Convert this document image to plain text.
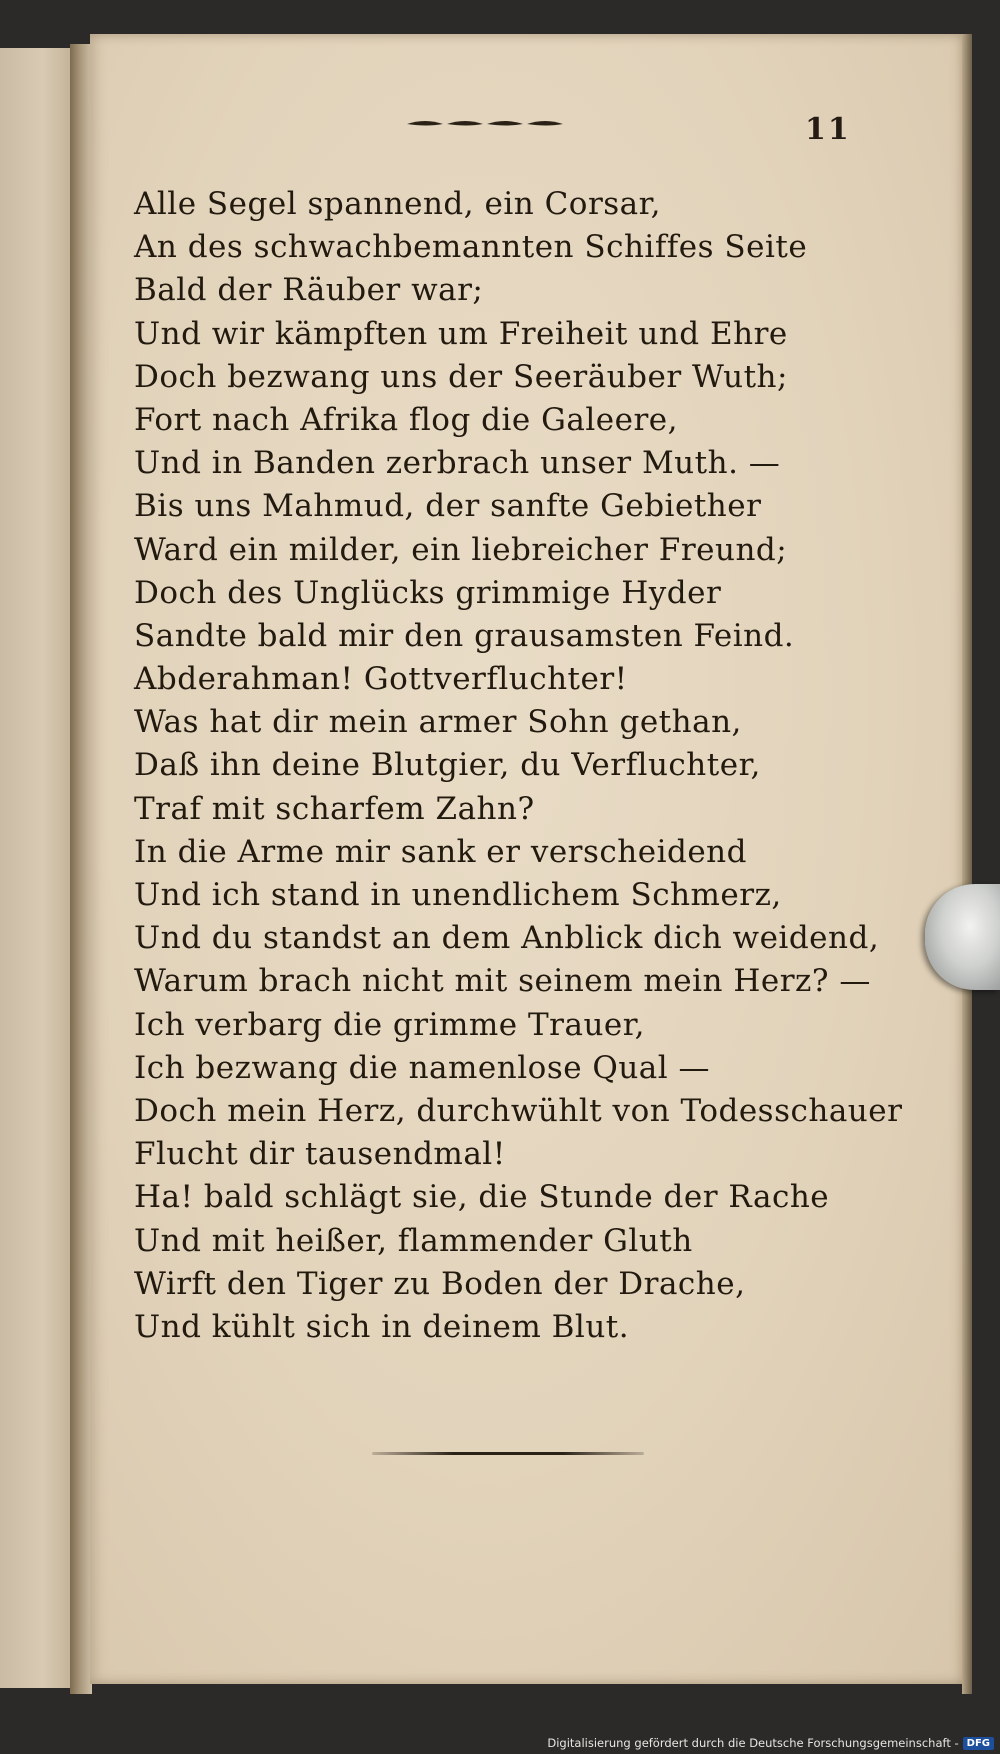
11
Alle Segel spannend, ein Corsar,
An des schwachbemannten Schiffes Seite
Bald der Räuber war;
Und wir kämpften um Freiheit und Ehre
Doch bezwang uns der Seeräuber Wuth;
Fort nach Afrika flog die Galeere,
Und in Banden zerbrach unser Muth. —
Bis uns Mahmud, der sanfte Gebiether
Ward ein milder, ein liebreicher Freund;
Doch des Unglücks grimmige Hyder
Sandte bald mir den grausamsten Feind.
Abderahman! Gottverfluchter!
Was hat dir mein armer Sohn gethan,
Daß ihn deine Blutgier, du Verfluchter,
Traf mit scharfem Zahn?
In die Arme mir sank er verscheidend
Und ich stand in unendlichem Schmerz,
Und du standst an dem Anblick dich weidend,
Warum brach nicht mit seinem mein Herz? —
Ich verbarg die grimme Trauer,
Ich bezwang die namenlose Qual —
Doch mein Herz, durchwühlt von Todesschauer
Flucht dir tausendmal!
Ha! bald schlägt sie, die Stunde der Rache
Und mit heißer, flammender Gluth
Wirft den Tiger zu Boden der Drache,
Und kühlt sich in deinem Blut.
Digitalisierung gefördert durch die Deutsche Forschungsgemeinschaft - DFG
